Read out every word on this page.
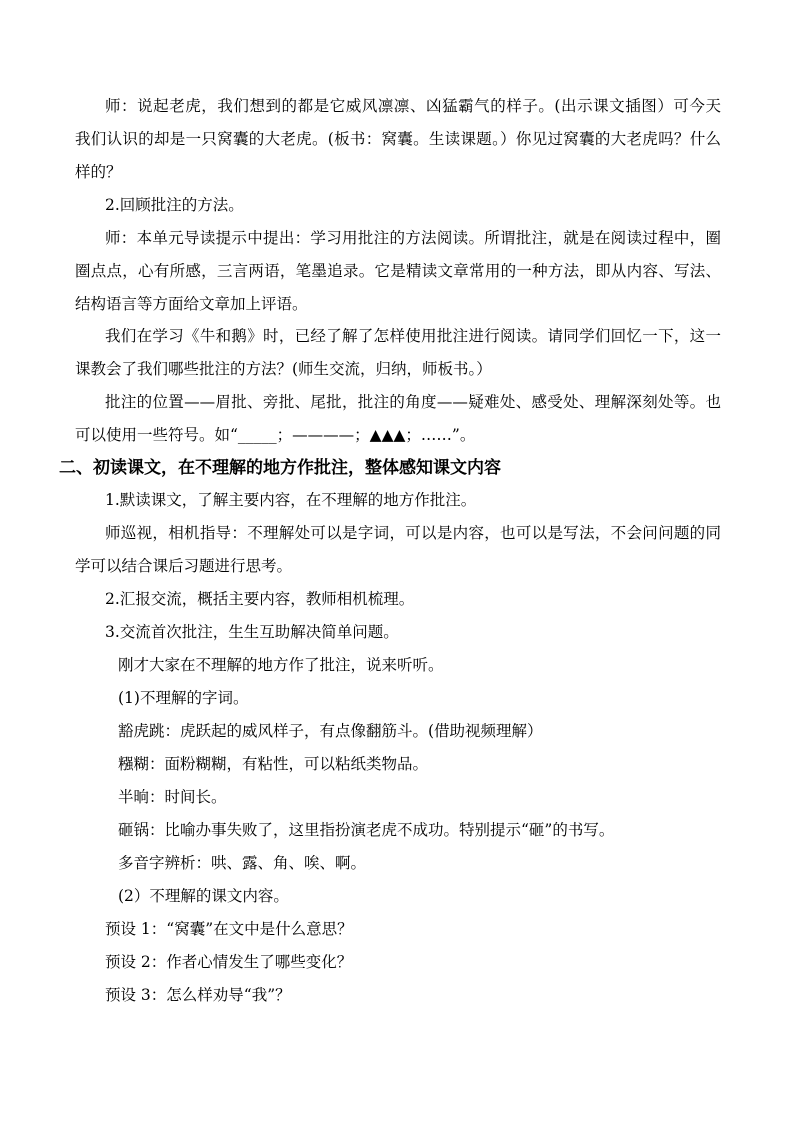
师：说起老虎，我们想到的都是它威风凛凛、凶猛霸气的样子。(出示课文插图）可今天
我们认识的却是一只窝囊的大老虎。(板书：窝囊。生读课题。）你见过窝囊的大老虎吗？什么
样的？
2.回顾批注的方法。
师：本单元导读提示中提出：学习用批注的方法阅读。所谓批注，就是在阅读过程中，圈
圈点点，心有所感，三言两语，笔墨追录。它是精读文章常用的一种方法，即从内容、写法、
结构语言等方面给文章加上评语。
我们在学习《牛和鹅》时，已经了解了怎样使用批注进行阅读。请同学们回忆一下，这一
课教会了我们哪些批注的方法？(师生交流，归纳，师板书。）
批注的位置——眉批、旁批、尾批，批注的角度——疑难处、感受处、理解深刻处等。也
可以使用一些符号。如“_____；————；▲▲▲；……”。
二、初读课文，在不理解的地方作批注，整体感知课文内容
1.默读课文，了解主要内容，在不理解的地方作批注。
师巡视，相机指导：不理解处可以是字词，可以是内容，也可以是写法，不会问问题的同
学可以结合课后习题进行思考。
2.汇报交流，概括主要内容，教师相机梳理。
3.交流首次批注，生生互助解决简单问题。
刚才大家在不理解的地方作了批注，说来听听。
(1)不理解的字词。
豁虎跳：虎跃起的威风样子，有点像翻筋斗。(借助视频理解）
糨糊：面粉糊糊，有粘性，可以粘纸类物品。
半晌：时间长。
砸锅：比喻办事失败了，这里指扮演老虎不成功。特别提示“砸”的书写。
多音字辨析：哄、露、角、唉、啊。
(2）不理解的课文内容。
预设 1：“窝囊”在文中是什么意思？
预设 2：作者心情发生了哪些变化？
预设 3：怎么样劝导“我”？
